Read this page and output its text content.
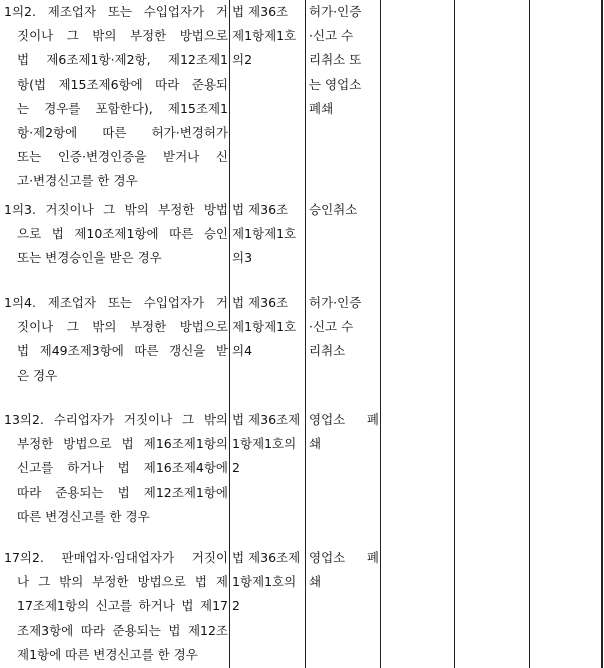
1의2. 제조업자 또는 수입업자가 거
짓이나 그 밖의 부정한 방법으로
법 제6조제1항·제2항, 제12조제1
항(법 제15조제6항에 따라 준용되
는 경우를 포함한다), 제15조제1
항·제2항에 따른 허가·변경허가
또는 인증·변경인증을 받거나 신
고·변경신고를 한 경우
법 제36조
제1항제1호
의2
허가·인증
·신고 수
리취소 또
는 영업소
폐쇄
1의3. 거짓이나 그 밖의 부정한 방법
으로 법 제10조제1항에 따른 승인
또는 변경승인을 받은 경우
법 제36조
제1항제1호
의3
승인취소
1의4. 제조업자 또는 수입업자가 거
짓이나 그 밖의 부정한 방법으로
법 제49조제3항에 따른 갱신을 받
은 경우
법 제36조
제1항제1호
의4
허가·인증
·신고 수
리취소
13의2. 수리업자가 거짓이나 그 밖의
부정한 방법으로 법 제16조제1항의
신고를 하거나 법 제16조제4항에
따라 준용되는 법 제12조제1항에
따른 변경신고를 한 경우
법 제36조제
1항제1호의
2
영업소 폐
쇄
17의2. 판매업자·임대업자가 거짓이
나 그 밖의 부정한 방법으로 법 제
17조제1항의 신고를 하거나 법 제17
조제3항에 따라 준용되는 법 제12조
제1항에 따른 변경신고를 한 경우
법 제36조제
1항제1호의
2
영업소 폐
쇄
